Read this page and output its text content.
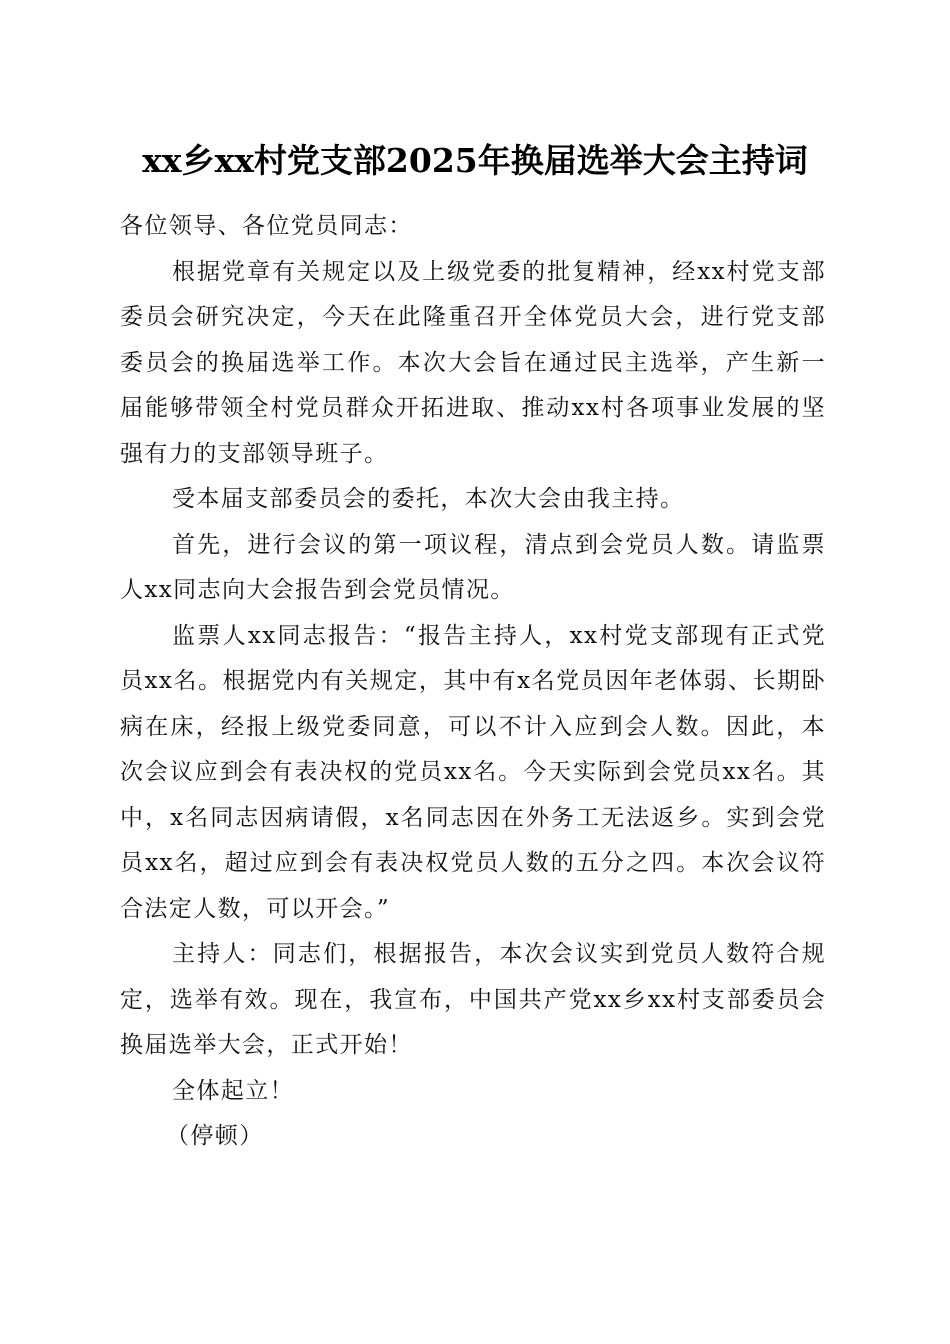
xx乡xx村党支部2025年换届选举大会主持词

各位领导、各位党员同志：

根据党章有关规定以及上级党委的批复精神，经xx村党支部委员会研究决定，今天在此隆重召开全体党员大会，进行党支部委员会的换届选举工作。本次大会旨在通过民主选举，产生新一届能够带领全村党员群众开拓进取、推动xx村各项事业发展的坚强有力的支部领导班子。

受本届支部委员会的委托，本次大会由我主持。

首先，进行会议的第一项议程，清点到会党员人数。请监票人xx同志向大会报告到会党员情况。

监票人xx同志报告：“报告主持人，xx村党支部现有正式党员xx名。根据党内有关规定，其中有x名党员因年老体弱、长期卧病在床，经报上级党委同意，可以不计入应到会人数。因此，本次会议应到会有表决权的党员xx名。今天实际到会党员xx名。其中，x名同志因病请假，x名同志因在外务工无法返乡。实到会党员xx名，超过应到会有表决权党员人数的五分之四。本次会议符合法定人数，可以开会。”

主持人：同志们，根据报告，本次会议实到党员人数符合规定，选举有效。现在，我宣布，中国共产党xx乡xx村支部委员会换届选举大会，正式开始！

全体起立！

（停顿）
